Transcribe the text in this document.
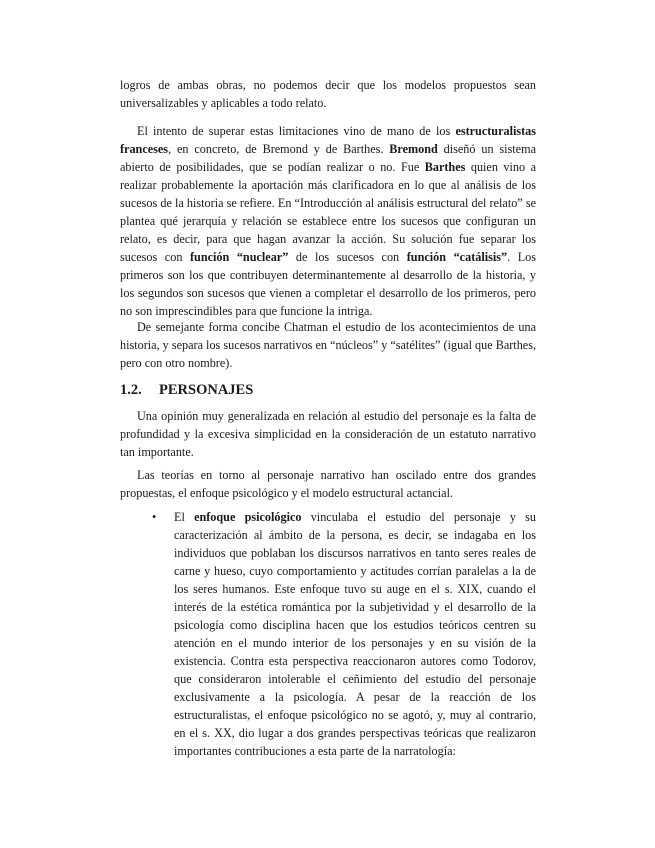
logros de ambas obras, no podemos decir que los modelos propuestos sean universalizables y aplicables a todo relato.

El intento de superar estas limitaciones vino de mano de los estructuralistas franceses, en concreto, de Bremond y de Barthes. Bremond diseñó un sistema abierto de posibilidades, que se podían realizar o no. Fue Barthes quien vino a realizar probablemente la aportación más clarificadora en lo que al análisis de los sucesos de la historia se refiere. En “Introducción al análisis estructural del relato” se plantea qué jerarquía y relación se establece entre los sucesos que configuran un relato, es decir, para que hagan avanzar la acción. Su solución fue separar los sucesos con función “nuclear” de los sucesos con función “catálisis”. Los primeros son los que contribuyen determinantemente al desarrollo de la historia, y los segundos son sucesos que vienen a completar el desarrollo de los primeros, pero no son imprescindibles para que funcione la intriga.

De semejante forma concibe Chatman el estudio de los acontecimientos de una historia, y separa los sucesos narrativos en “núcleos” y “satélites” (igual que Barthes, pero con otro nombre).

1.2. PERSONAJES

Una opinión muy generalizada en relación al estudio del personaje es la falta de profundidad y la excesiva simplicidad en la consideración de un estatuto narrativo tan importante.

Las teorías en torno al personaje narrativo han oscilado entre dos grandes propuestas, el enfoque psicológico y el modelo estructural actancial.

• El enfoque psicológico vinculaba el estudio del personaje y su caracterización al ámbito de la persona, es decir, se indagaba en los individuos que poblaban los discursos narrativos en tanto seres reales de carne y hueso, cuyo comportamiento y actitudes corrían paralelas a la de los seres humanos. Este enfoque tuvo su auge en el s. XIX, cuando el interés de la estética romántica por la subjetividad y el desarrollo de la psicología como disciplina hacen que los estudios teóricos centren su atención en el mundo interior de los personajes y en su visión de la existencia. Contra esta perspectiva reaccionaron autores como Todorov, que consideraron intolerable el ceñimiento del estudio del personaje exclusivamente a la psicología. A pesar de la reacción de los estructuralistas, el enfoque psicológico no se agotó, y, muy al contrario, en el s. XX, dio lugar a dos grandes perspectivas teóricas que realizaron importantes contribuciones a esta parte de la narratología:
